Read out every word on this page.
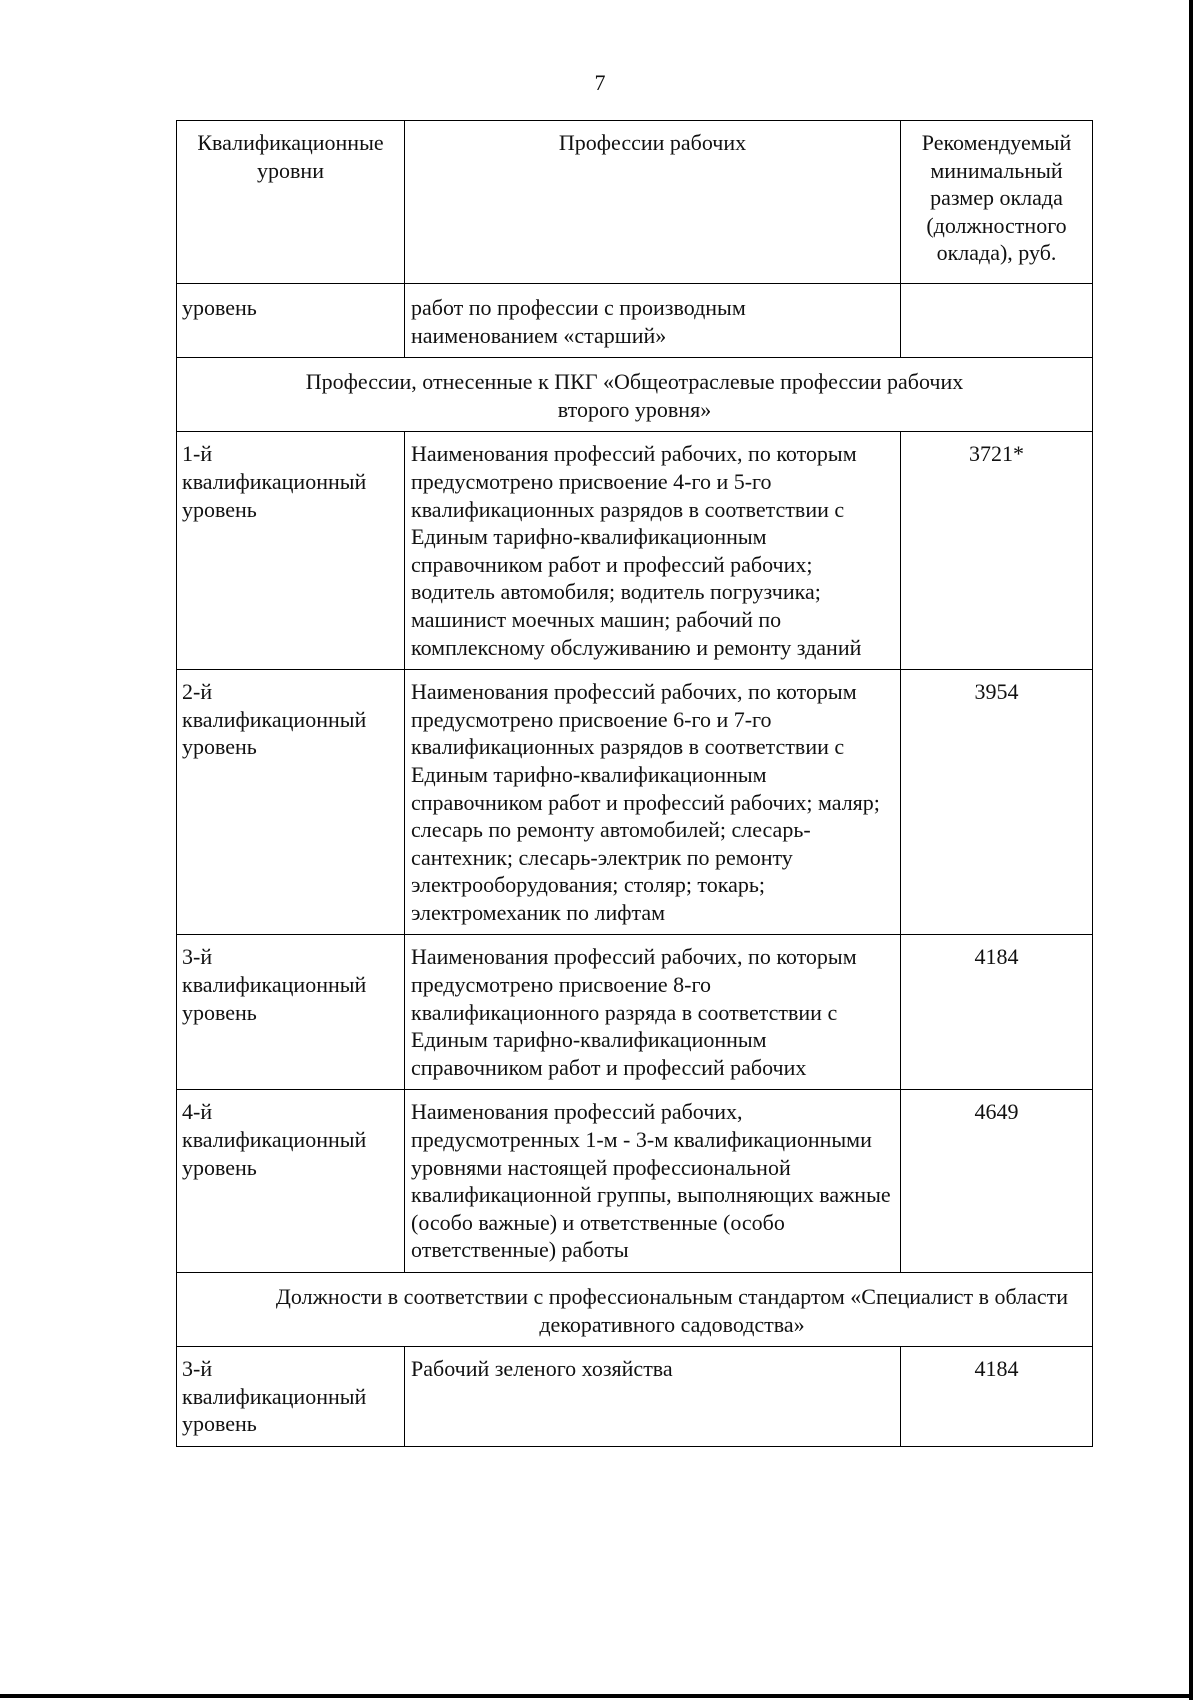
7
Квалификационные уровни	Профессии рабочих	Рекомендуемый минимальный размер оклада (должностного оклада), руб.

уровень	работ по профессии с производным наименованием «старший»	

Профессии, отнесенные к ПКГ «Общеотраслевые профессии рабочих второго уровня»		

1-й квалификационный уровень	Наименования профессий рабочих, по которым предусмотрено присвоение 4-го и 5-го квалификационных разрядов в соответствии с Единым тарифно-квалификационным справочником работ и профессий рабочих; водитель автомобиля; водитель погрузчика; машинист моечных машин; рабочий по комплексному обслуживанию и ремонту зданий	3721*

2-й квалификационный уровень	Наименования профессий рабочих, по которым предусмотрено присвоение 6-го и 7-го квалификационных разрядов в соответствии с Единым тарифно-квалификационным справочником работ и профессий рабочих; маляр; слесарь по ремонту автомобилей; слесарь-сантехник; слесарь-электрик по ремонту электрооборудования; столяр; токарь; электромеханик по лифтам	3954

3-й квалификационный уровень	Наименования профессий рабочих, по которым предусмотрено присвоение 8-го квалификационного разряда в соответствии с Единым тарифно-квалификационным справочником работ и профессий рабочих	4184

4-й квалификационный уровень	Наименования профессий рабочих, предусмотренных 1-м - 3-м квалификационными уровнями настоящей профессиональной квалификационной группы, выполняющих важные (особо важные) и ответственные (особо ответственные) работы	4649

Должности в соответствии с профессиональным стандартом «Специалист в области декоративного садоводства»		

3-й квалификационный уровень	Рабочий зеленого хозяйства	4184
